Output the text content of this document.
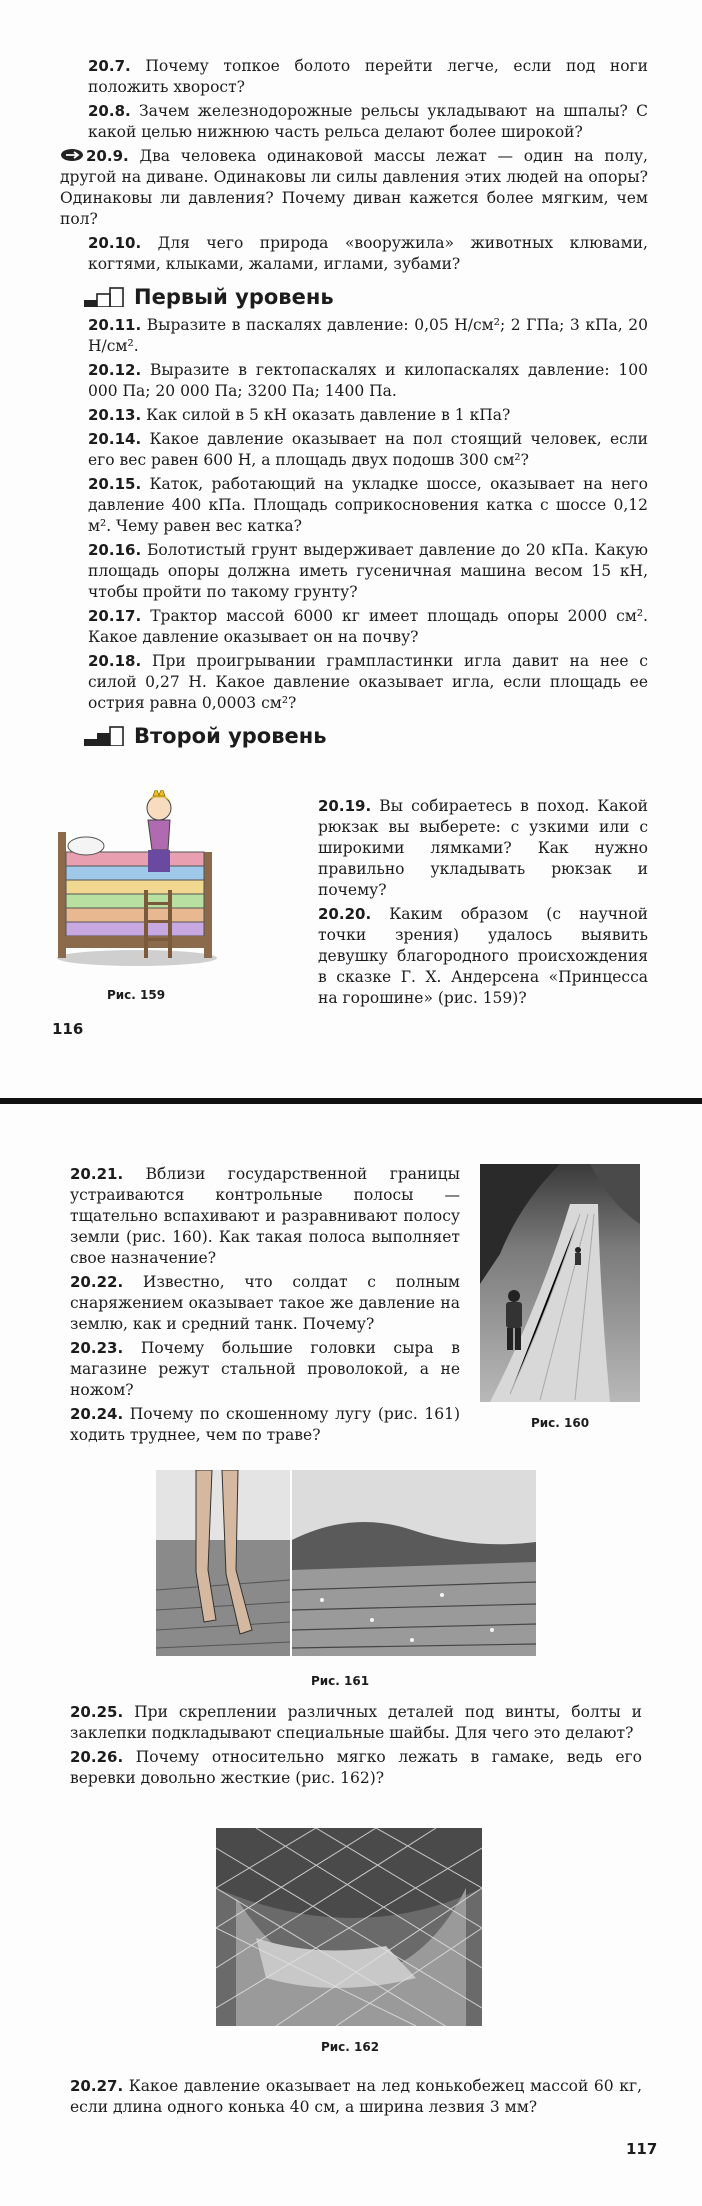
20.7. Почему топкое болото перейти легче, если под ноги положить хворост?
20.8. Зачем железнодорожные рельсы укладывают на шпалы? С какой целью нижнюю часть рельса делают более широкой?
20.9. Два человека одинаковой массы лежат — один на полу, другой на диване. Одинаковы ли силы давления этих людей на опоры? Одинаковы ли давления? Почему диван кажется более мягким, чем пол?
20.10. Для чего природа «вооружила» животных клювами, когтями, клыками, жалами, иглами, зубами?
Первый уровень
20.11. Выразите в паскалях давление: 0,05 Н/см²; 2 ГПа; 3 кПа, 20 Н/см².
20.12. Выразите в гектопаскалях и килопаскалях давление: 100 000 Па; 20 000 Па; 3200 Па; 1400 Па.
20.13. Как силой в 5 кН оказать давление в 1 кПа?
20.14. Какое давление оказывает на пол стоящий человек, если его вес равен 600 Н, а площадь двух подошв 300 см²?
20.15. Каток, работающий на укладке шоссе, оказывает на него давление 400 кПа. Площадь соприкосновения катка с шоссе 0,12 м². Чему равен вес катка?
20.16. Болотистый грунт выдерживает давление до 20 кПа. Какую площадь опоры должна иметь гусеничная машина весом 15 кН, чтобы пройти по такому грунту?
20.17. Трактор массой 6000 кг имеет площадь опоры 2000 см². Какое давление оказывает он на почву?
20.18. При проигрывании грампластинки игла давит на нее с силой 0,27 Н. Какое давление оказывает игла, если площадь ее острия равна 0,0003 см²?
Второй уровень
Рис. 159
20.19. Вы собираетесь в поход. Какой рюкзак вы выберете: с узкими или с широкими лямками? Как нужно правильно укладывать рюкзак и почему?
20.20. Каким образом (с научной точки зрения) удалось выявить девушку благородного происхождения в сказке Г. Х. Андерсена «Принцесса на горошине» (рис. 159)?
116
20.21. Вблизи государственной границы устраиваются контрольные полосы — тщательно вспахивают и разравнивают полосу земли (рис. 160). Как такая полоса выполняет свое назначение?
20.22. Известно, что солдат с полным снаряжением оказывает такое же давление на землю, как и средний танк. Почему?
20.23. Почему большие головки сыра в магазине режут стальной проволокой, а не ножом?
20.24. Почему по скошенному лугу (рис. 161) ходить труднее, чем по траве?
Рис. 160
Рис. 161
20.25. При скреплении различных деталей под винты, болты и заклепки подкладывают специальные шайбы. Для чего это делают?
20.26. Почему относительно мягко лежать в гамаке, ведь его веревки довольно жесткие (рис. 162)?
Рис. 162
20.27. Какое давление оказывает на лед конькобежец массой 60 кг, если длина одного конька 40 см, а ширина лезвия 3 мм?
117
